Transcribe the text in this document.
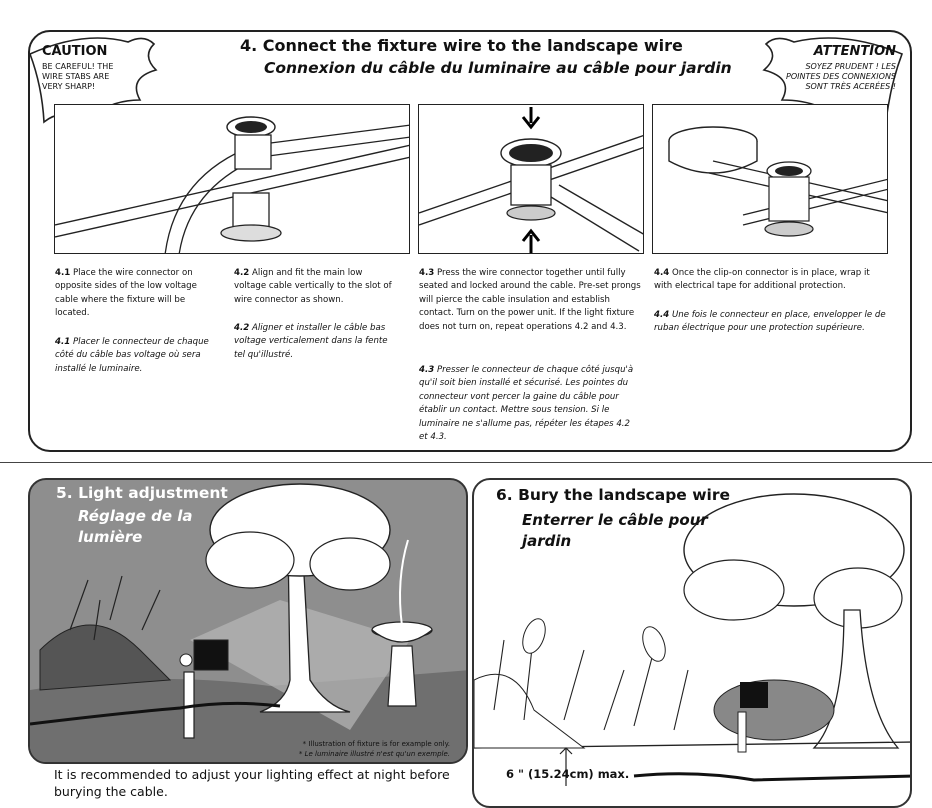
CAUTION
BE CAREFUL! THE WIRE STABS ARE VERY SHARP!
ATTENTION
SOYEZ PRUDENT ! LES POINTES DES CONNEXIONS SONT TRÈS ACERÉES !
4. Connect the fixture wire to the landscape wire
Connexion du câble du luminaire au câble pour jardin
4.1 Place the wire connector on opposite sides of the low voltage cable where the fixture will be located.
4.1 Placer le connecteur de chaque côté du câble bas voltage où sera installé le luminaire.
4.2 Align and fit the main low voltage cable vertically to the slot of wire connector as shown.
4.2 Aligner et installer le câble bas voltage verticalement dans la fente tel qu'illustré.
4.3 Press the wire connector together until fully seated and locked around the cable. Pre-set prongs will pierce the cable insulation and establish contact. Turn on the power unit. If the light fixture does not turn on, repeat operations 4.2 and 4.3.
4.3 Presser le connecteur de chaque côté jusqu'à qu'il soit bien installé et sécurisé. Les pointes du connecteur vont percer la gaine du câble pour établir un contact. Mettre sous tension. Si le luminaire ne s'allume pas, répéter les étapes 4.2 et 4.3.
4.4 Once the clip-on connector is in place, wrap it with electrical tape for additional protection.
4.4 Une fois le connecteur en place, envelopper le de ruban électrique pour une protection supérieure.
5. Light adjustment
Réglage de la lumière
* Illustration of fixture is for example only.
* Le luminaire illustré n'est qu'un exemple.
It is recommended to adjust your lighting effect at night before burying the cable.
6. Bury the landscape wire
Enterrer le câble pour jardin
6 " (15.24cm) max.
